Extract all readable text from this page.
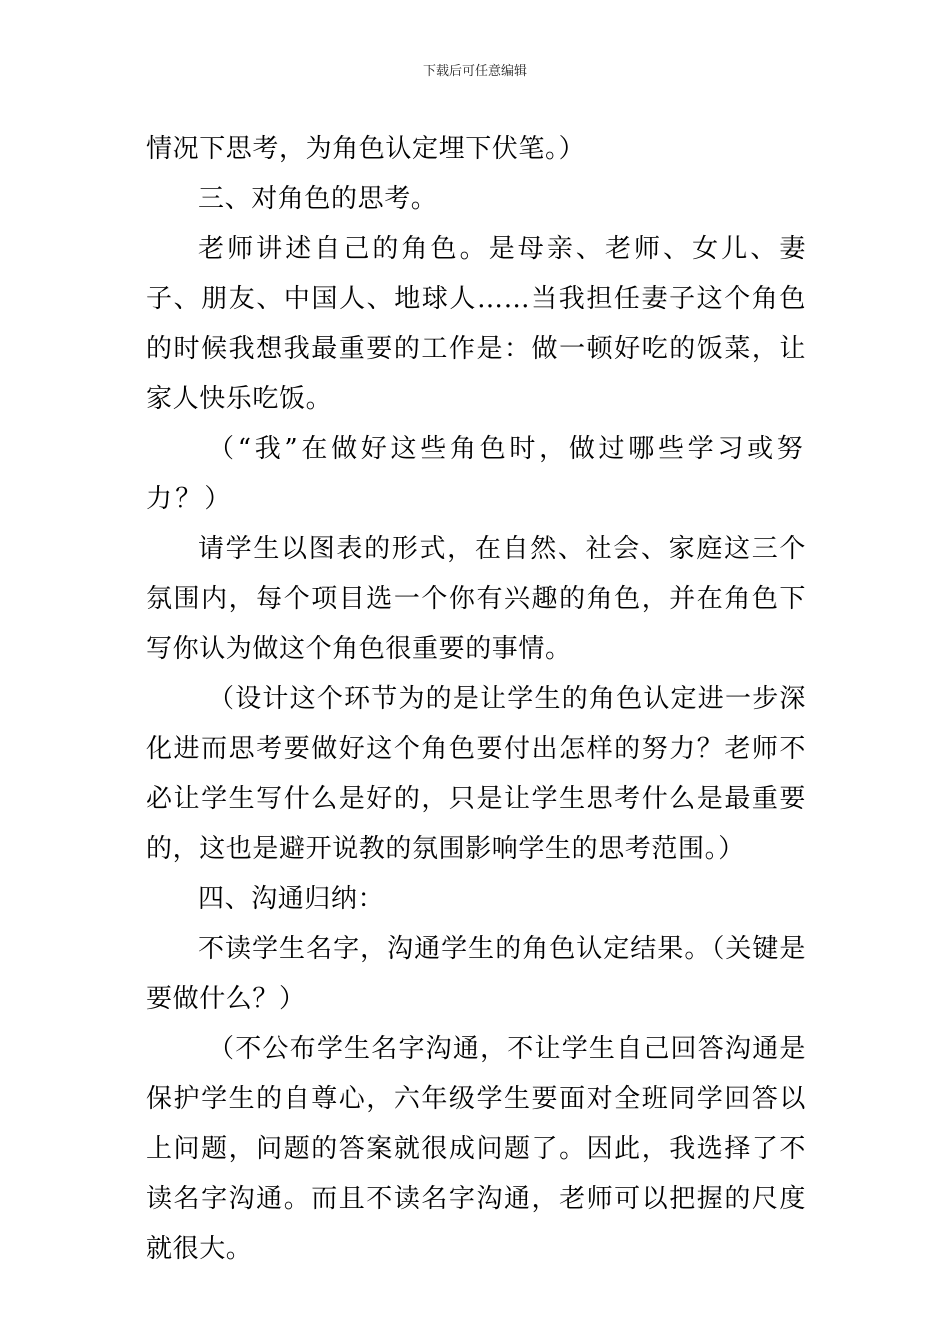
下载后可任意编辑

情况下思考，为角色认定埋下伏笔。）

三、对角色的思考。

老师讲述自己的角色。是母亲、老师、女儿、妻子、朋友、中国人、地球人……当我担任妻子这个角色的时候我想我最重要的工作是：做一顿好吃的饭菜，让家人快乐吃饭。

（“我”在做好这些角色时，做过哪些学习或努力？）

请学生以图表的形式，在自然、社会、家庭这三个氛围内，每个项目选一个你有兴趣的角色，并在角色下写你认为做这个角色很重要的事情。

（设计这个环节为的是让学生的角色认定进一步深化进而思考要做好这个角色要付出怎样的努力？老师不必让学生写什么是好的，只是让学生思考什么是最重要的，这也是避开说教的氛围影响学生的思考范围。）

四、沟通归纳：

不读学生名字，沟通学生的角色认定结果。（关键是要做什么？）

（不公布学生名字沟通，不让学生自己回答沟通是保护学生的自尊心，六年级学生要面对全班同学回答以上问题，问题的答案就很成问题了。因此，我选择了不读名字沟通。而且不读名字沟通，老师可以把握的尺度就很大。
